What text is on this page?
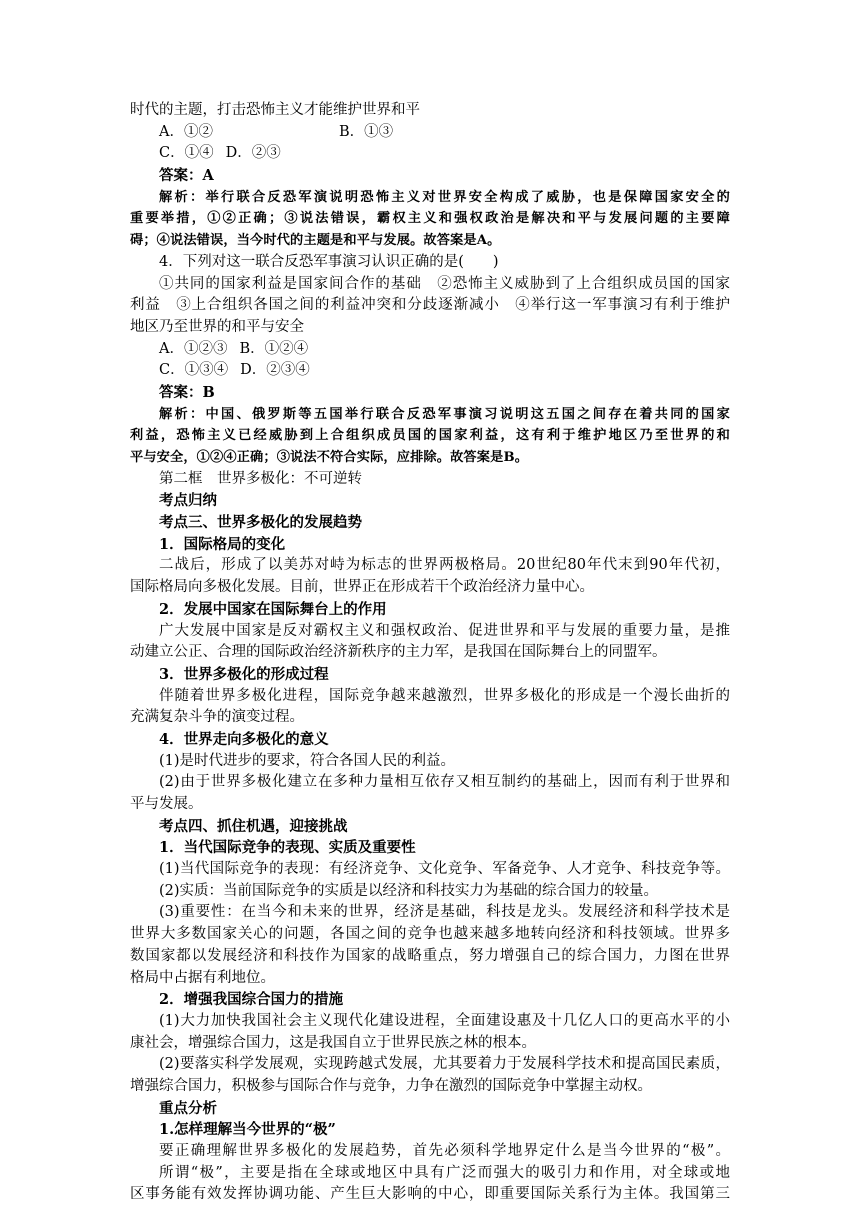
时代的主题，打击恐怖主义才能维护世界和平
A．①②	B．①③
C．①④ D．②③
答案：A
解析：举行联合反恐军演说明恐怖主义对世界安全构成了威胁，也是保障国家安全的
重要举措，①②正确；③说法错误，霸权主义和强权政治是解决和平与发展问题的主要障
碍；④说法错误，当今时代的主题是和平与发展。故答案是A。
4．下列对这一联合反恐军事演习认识正确的是(　　)
①共同的国家利益是国家间合作的基础　②恐怖主义威胁到了上合组织成员国的国家
利益　③上合组织各国之间的利益冲突和分歧逐渐减小　④举行这一军事演习有利于维护
地区乃至世界的和平与安全
A．①②③ B．①②④
C．①③④ D．②③④
答案：B
解析：中国、俄罗斯等五国举行联合反恐军事演习说明这五国之间存在着共同的国家
利益，恐怖主义已经威胁到上合组织成员国的国家利益，这有利于维护地区乃至世界的和
平与安全，①②④正确；③说法不符合实际，应排除。故答案是B。
第二框　世界多极化：不可逆转
考点归纳
考点三、世界多极化的发展趋势
1．国际格局的变化
二战后，形成了以美苏对峙为标志的世界两极格局。20世纪80年代末到90年代初，
国际格局向多极化发展。目前，世界正在形成若干个政治经济力量中心。
2．发展中国家在国际舞台上的作用
广大发展中国家是反对霸权主义和强权政治、促进世界和平与发展的重要力量，是推
动建立公正、合理的国际政治经济新秩序的主力军，是我国在国际舞台上的同盟军。
3．世界多极化的形成过程
伴随着世界多极化进程，国际竞争越来越激烈，世界多极化的形成是一个漫长曲折的
充满复杂斗争的演变过程。
4．世界走向多极化的意义
(1)是时代进步的要求，符合各国人民的利益。
(2)由于世界多极化建立在多种力量相互依存又相互制约的基础上，因而有利于世界和
平与发展。
考点四、抓住机遇，迎接挑战
1．当代国际竞争的表现、实质及重要性
(1)当代国际竞争的表现：有经济竞争、文化竞争、军备竞争、人才竞争、科技竞争等。
(2)实质：当前国际竞争的实质是以经济和科技实力为基础的综合国力的较量。
(3)重要性：在当今和未来的世界，经济是基础，科技是龙头。发展经济和科学技术是
世界大多数国家关心的问题，各国之间的竞争也越来越多地转向经济和科技领域。世界多
数国家都以发展经济和科技作为国家的战略重点，努力增强自己的综合国力，力图在世界
格局中占据有利地位。
2．增强我国综合国力的措施
(1)大力加快我国社会主义现代化建设进程，全面建设惠及十几亿人口的更高水平的小
康社会，增强综合国力，这是我国自立于世界民族之林的根本。
(2)要落实科学发展观，实现跨越式发展，尤其要着力于发展科学技术和提高国民素质，
增强综合国力，积极参与国际合作与竞争，力争在激烈的国际竞争中掌握主动权。
重点分析
1.怎样理解当今世界的“极”
要正确理解世界多极化的发展趋势，首先必须科学地界定什么是当今世界的“极”。
所谓“极”，主要是指在全球或地区中具有广泛而强大的吸引力和作用，对全球或地
区事务能有效发挥协调功能、产生巨大影响的中心，即重要国际关系行为主体。我国第三
